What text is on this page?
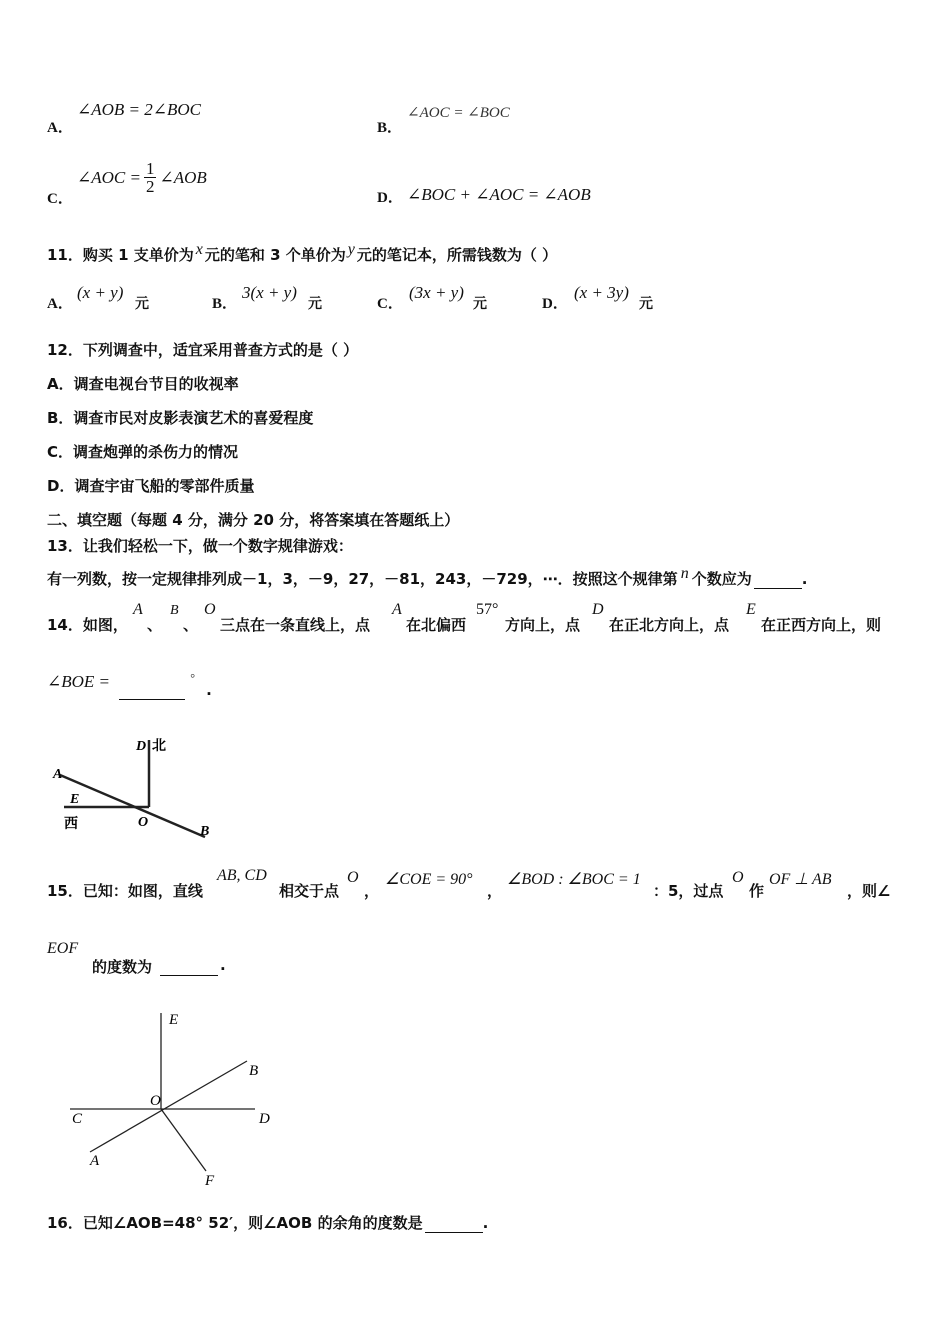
A．
∠AOB = 2∠BOC
B．
∠AOC = ∠BOC
C．
∠AOC = $\frac{1}{2}$ ∠AOB
D． ∠BOC + ∠AOC = ∠AOB
11．购买 1 支单价为 x 元的笔和 3 个单价为 y 元的笔记本，所需钱数为（ ）
A．
(x + y)
元	B．
3(x + y)
元	C．
(3x + y)
元	D．
(x + 3y)
元
12．下列调查中，适宜采用普查方式的是（ ）
A．调查电视台节目的收视率
B．调查市民对皮影表演艺术的喜爱程度
C．调查炮弹的杀伤力的情况
D．调查宇宙飞船的零部件质量
二、填空题（每题 4 分，满分 20 分，将答案填在答题纸上）
13．让我们轻松一下，做一个数字规律游戏：
有一列数，按一定规律排列成－1，3，－9，27，－81，243，－729，⋯．按照这个规律第 n 个数应为	.
14．如图，
A
、
B
、
O
三点在一条直线上，点
A
在北偏西
57°
方向上，点
D
在正北方向上，点
E
在正西方向上，则
∠BOE =	° .
D 北
A
E
西	O
B
15．已知：如图，直线
AB, CD
相交于点
O
，
∠COE = 90°
，
∠BOD : ∠BOC = 1
：5，过点
O
作
OF ⊥ AB
，则∠
EOF
的度数为	.
E
B
O
C	D
A
F
16．已知∠AOB=48° 52′，则∠AOB 的余角的度数是	.
